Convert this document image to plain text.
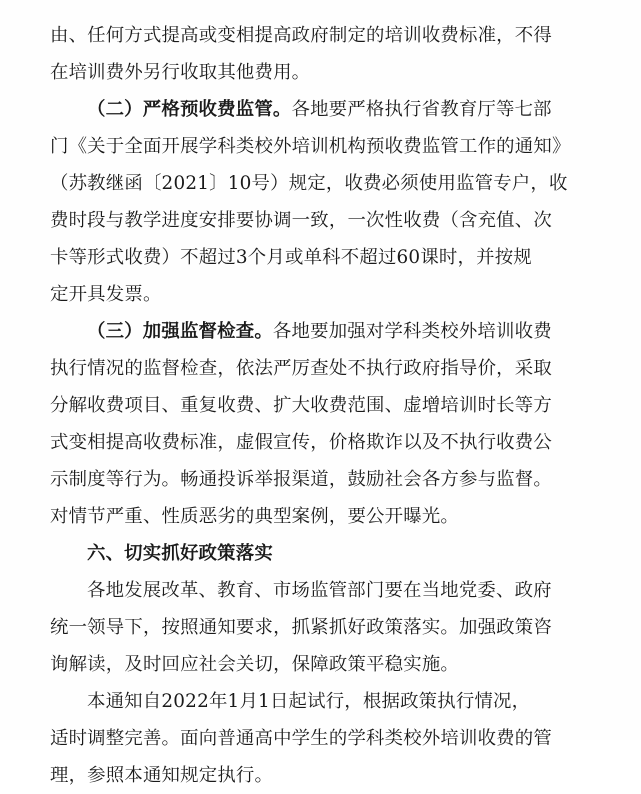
由、任何方式提高或变相提高政府制定的培训收费标准，不得
在培训费外另行收取其他费用。
（二）严格预收费监管。各地要严格执行省教育厅等七部
门《关于全面开展学科类校外培训机构预收费监管工作的通知》
（苏教继函〔2021〕10号）规定，收费必须使用监管专户，收
费时段与教学进度安排要协调一致，一次性收费（含充值、次
卡等形式收费）不超过3个月或单科不超过60课时，并按规
定开具发票。
（三）加强监督检查。各地要加强对学科类校外培训收费
执行情况的监督检查，依法严厉查处不执行政府指导价，采取
分解收费项目、重复收费、扩大收费范围、虚增培训时长等方
式变相提高收费标准，虚假宣传，价格欺诈以及不执行收费公
示制度等行为。畅通投诉举报渠道，鼓励社会各方参与监督。
对情节严重、性质恶劣的典型案例，要公开曝光。
六、切实抓好政策落实
各地发展改革、教育、市场监管部门要在当地党委、政府
统一领导下，按照通知要求，抓紧抓好政策落实。加强政策咨
询解读，及时回应社会关切，保障政策平稳实施。
本通知自2022年1月1日起试行，根据政策执行情况，
适时调整完善。面向普通高中学生的学科类校外培训收费的管
理，参照本通知规定执行。
